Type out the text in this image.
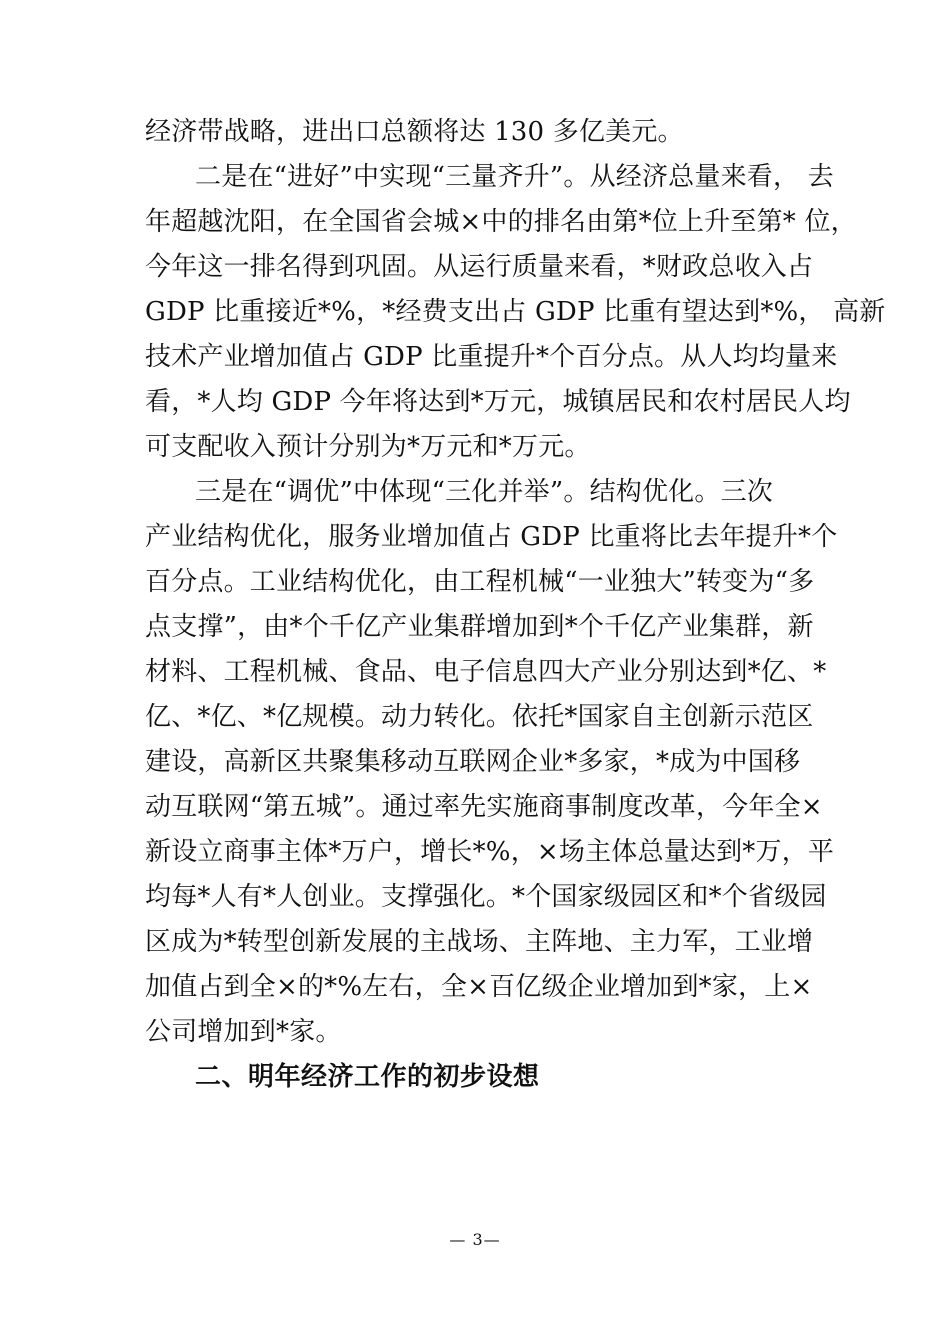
经济带战略，进出口总额将达 130 多亿美元。
二是在“进好”中实现“三量齐升”。从经济总量来看， 去
年超越沈阳，在全国省会城×中的排名由第*位上升至第* 位，
今年这一排名得到巩固。从运行质量来看，*财政总收入占
GDP 比重接近*%，*经费支出占 GDP 比重有望达到*%， 高新
技术产业增加值占 GDP 比重提升*个百分点。从人均均量来
看，*人均 GDP 今年将达到*万元，城镇居民和农村居民人均
可支配收入预计分别为*万元和*万元。
三是在“调优”中体现“三化并举”。结构优化。三次
产业结构优化，服务业增加值占 GDP 比重将比去年提升*个
百分点。工业结构优化，由工程机械“一业独大”转变为“多
点支撑”，由*个千亿产业集群增加到*个千亿产业集群，新
材料、工程机械、食品、电子信息四大产业分别达到*亿、*
亿、*亿、*亿规模。动力转化。依托*国家自主创新示范区
建设，高新区共聚集移动互联网企业*多家，*成为中国移
动互联网“第五城”。通过率先实施商事制度改革，今年全×
新设立商事主体*万户，增长*%，×场主体总量达到*万，平
均每*人有*人创业。支撑强化。*个国家级园区和*个省级园
区成为*转型创新发展的主战场、主阵地、主力军，工业增
加值占到全×的*%左右，全×百亿级企业增加到*家，上×
公司增加到*家。
二、明年经济工作的初步设想
— 3—
